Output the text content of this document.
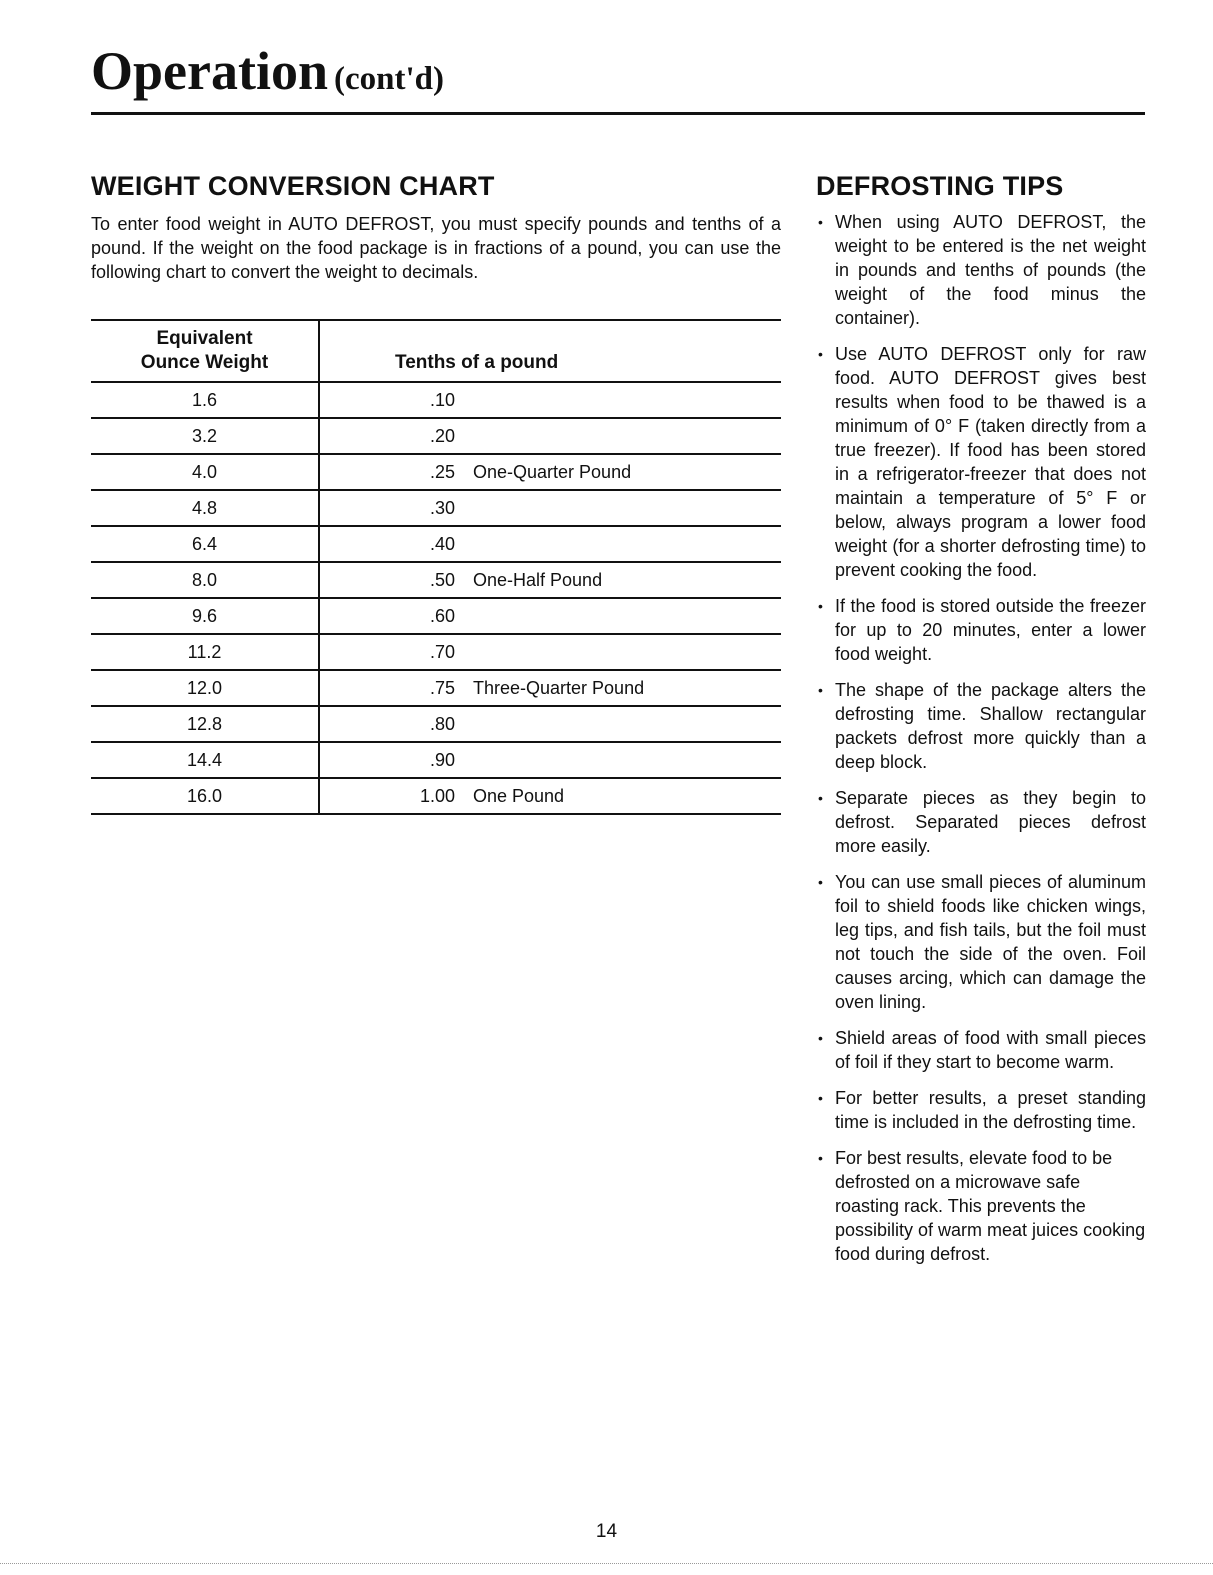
Operation (cont'd)
WEIGHT CONVERSION CHART

To enter food weight in AUTO DEFROST, you must specify pounds and tenths of a pound. If the weight on the food package is in fractions of a pound, you can use the following chart to convert the weight to decimals.

Equivalent
Ounce Weight	Tenths of a pound
1.6	.10
3.2	.20
4.0	.25 One-Quarter Pound
4.8	.30
6.4	.40
8.0	.50 One-Half Pound
9.6	.60
11.2	.70
12.0	.75 Three-Quarter Pound
12.8	.80
14.4	.90
16.0	1.00 One Pound
DEFROSTING TIPS
• When using AUTO DEFROST, the weight to be entered is the net weight in pounds and tenths of pounds (the weight of the food minus the container).
• Use AUTO DEFROST only for raw food. AUTO DEFROST gives best results when food to be thawed is a minimum of 0° F (taken directly from a true freezer). If food has been stored in a refrigerator-freezer that does not maintain a temperature of 5° F or below, always program a lower food weight (for a shorter defrosting time) to prevent cooking the food.
• If the food is stored outside the freezer for up to 20 minutes, enter a lower food weight.
• The shape of the package alters the defrosting time. Shallow rectangular packets defrost more quickly than a deep block.
• Separate pieces as they begin to defrost. Separated pieces defrost more easily.
• You can use small pieces of aluminum foil to shield foods like chicken wings, leg tips, and fish tails, but the foil must not touch the side of the oven. Foil causes arcing, which can damage the oven lining.
• Shield areas of food with small pieces of foil if they start to become warm.
• For better results, a preset standing time is included in the defrosting time.
• For best results, elevate food to be defrosted on a microwave safe roasting rack. This prevents the possibility of warm meat juices cooking food during defrost.
14
